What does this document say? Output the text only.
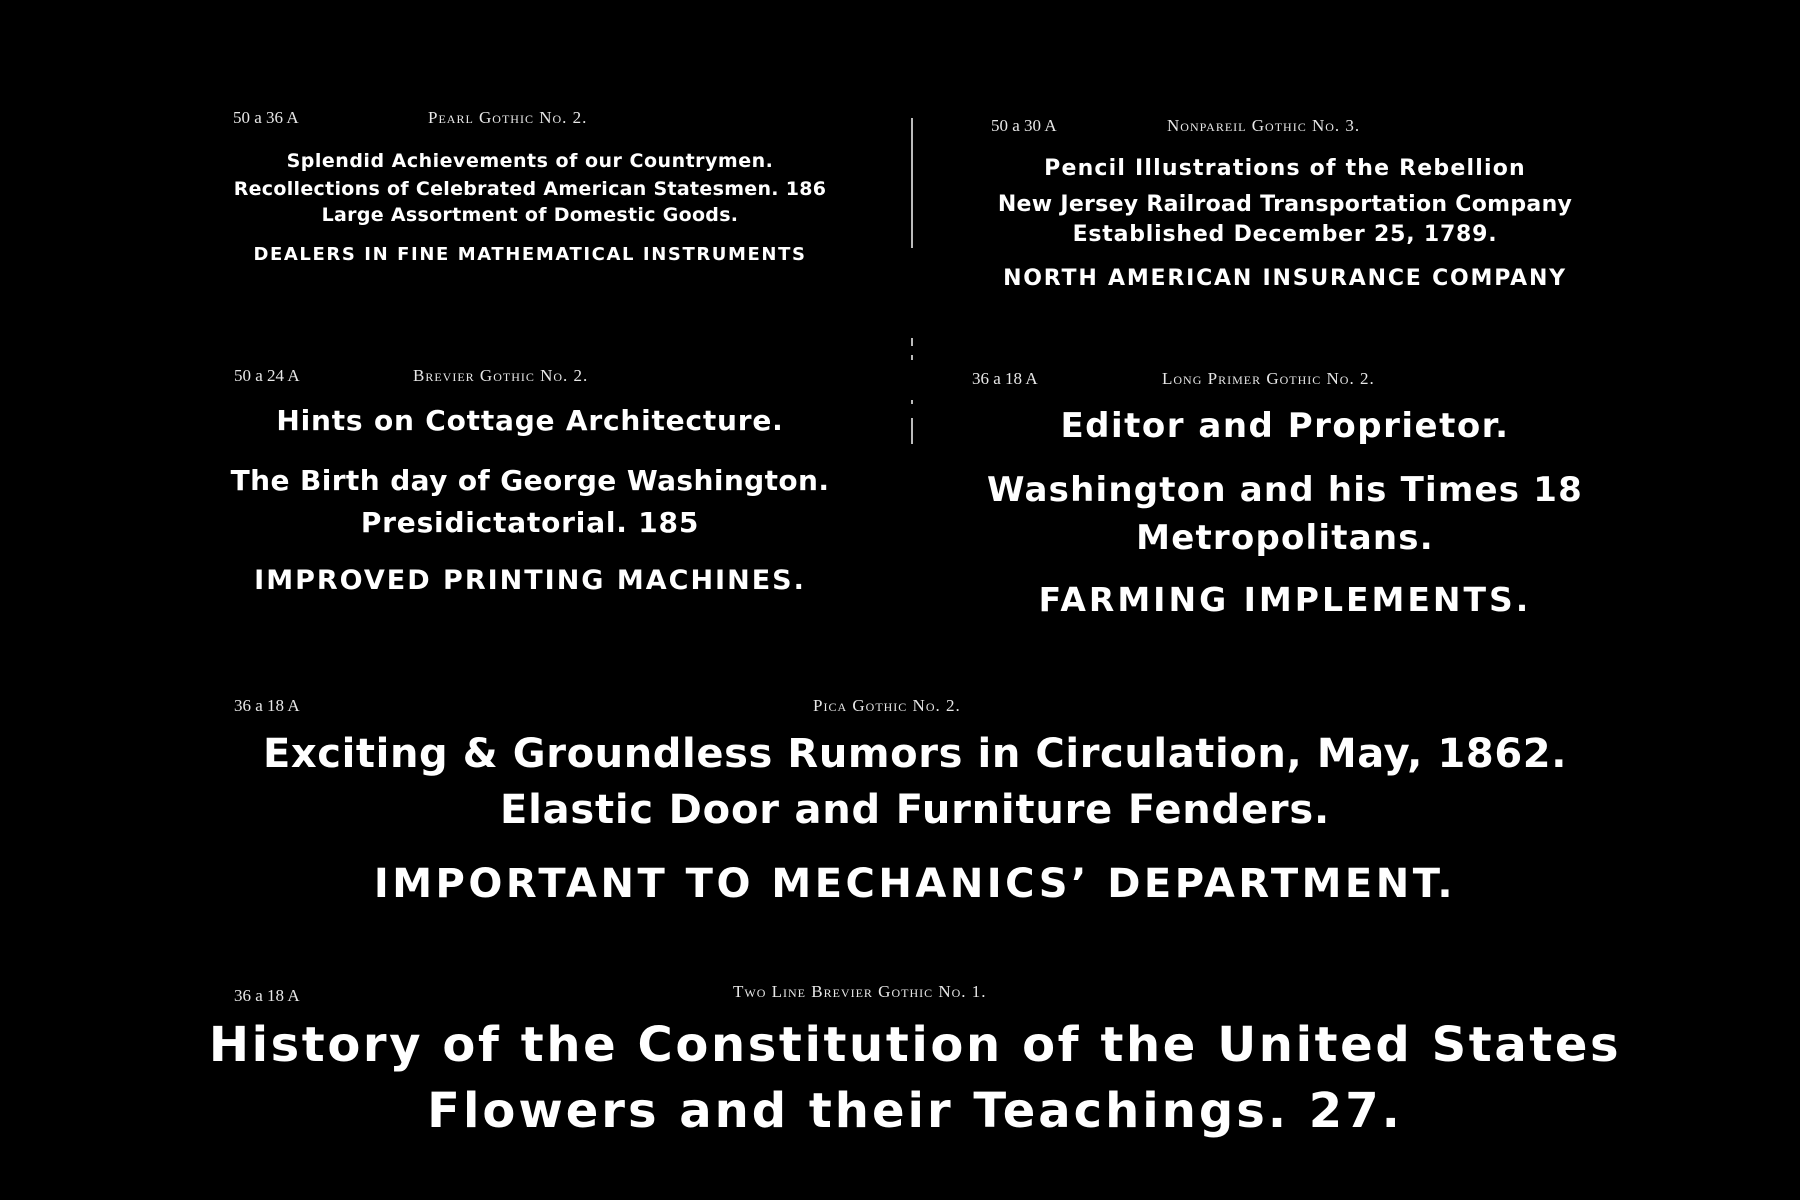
50 a 36 A	Pearl Gothic No. 2.
Splendid Achievements of our Countrymen.
Recollections of Celebrated American Statesmen. 186
Large Assortment of Domestic Goods.
DEALERS IN FINE MATHEMATICAL INSTRUMENTS
50 a 30 A	Nonpareil Gothic No. 3.
Pencil Illustrations of the Rebellion
New Jersey Railroad Transportation Company
Established December 25, 1789.
NORTH AMERICAN INSURANCE COMPANY
50 a 24 A	Brevier Gothic No. 2.
Hints on Cottage Architecture.
The Birth day of George Washington.
Presidictatorial. 185
IMPROVED PRINTING MACHINES.
36 a 18 A	Long Primer Gothic No. 2.
Editor and Proprietor.
Washington and his Times 18
Metropolitans.
FARMING IMPLEMENTS.
36 a 18 A	Pica Gothic No. 2.
Exciting & Groundless Rumors in Circulation, May, 1862.
Elastic Door and Furniture Fenders.
IMPORTANT TO MECHANICS’ DEPARTMENT.
36 a 18 A	Two Line Brevier Gothic No. 1.
History of the Constitution of the United States
Flowers and their Teachings. 27.
